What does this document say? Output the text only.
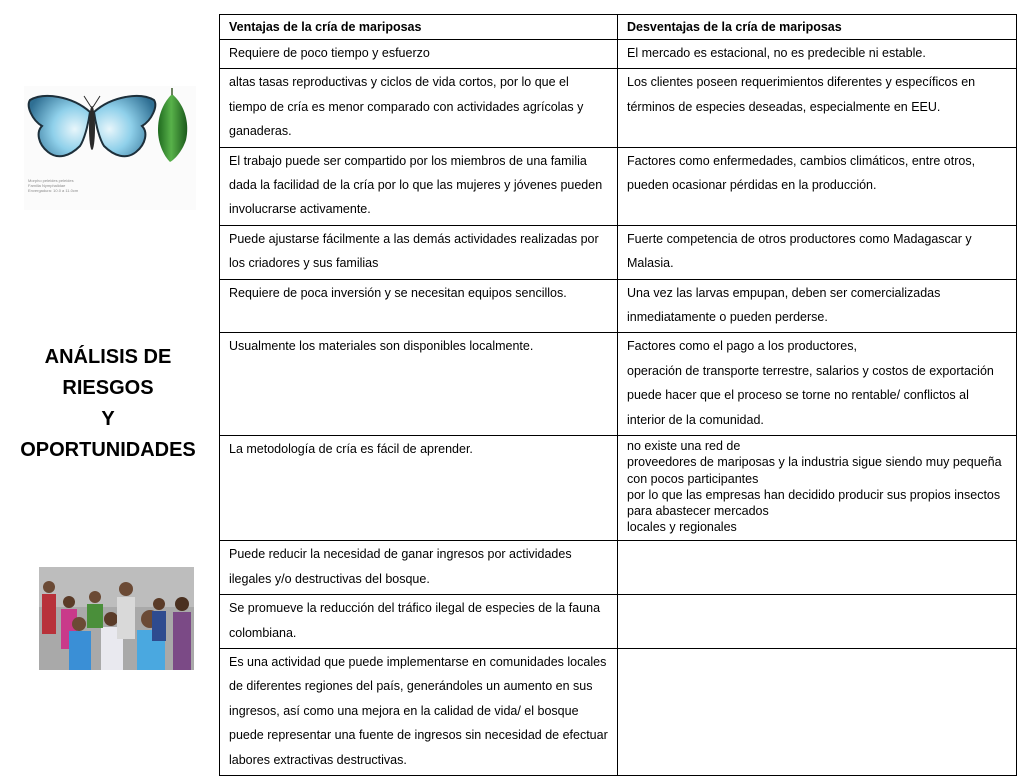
Morpho peleides peleides
Familia Nymphalidae
Envergadura: 10.0 a 11.0cm
ANÁLISIS DE
RIESGOS
Y
OPORTUNIDADES
Ventajas de la cría de mariposas	Desventajas de la cría de mariposas
Requiere de poco tiempo y esfuerzo	El mercado es estacional, no es predecible ni estable.
altas tasas reproductivas y ciclos de vida cortos, por lo que el tiempo de cría es menor comparado con actividades agrícolas y ganaderas.	Los clientes poseen requerimientos diferentes y específicos en términos de especies deseadas, especialmente en EEU.
El trabajo puede ser compartido por los miembros de una familia dada la facilidad de la cría por lo que las mujeres y jóvenes pueden involucrarse activamente.	Factores como enfermedades, cambios climáticos, entre otros, pueden ocasionar pérdidas en la producción.
Puede ajustarse fácilmente a las demás actividades realizadas por los criadores y sus familias	Fuerte competencia de otros productores como Madagascar y Malasia.
Requiere de poca inversión y se necesitan equipos sencillos.	Una vez las larvas empupan, deben ser comercializadas inmediatamente o pueden perderse.
Usualmente los materiales son disponibles localmente.	Factores como el pago a los productores,
operación de transporte terrestre, salarios y costos de exportación puede hacer que el proceso se torne no rentable/ conflictos al interior de la comunidad.
La metodología de cría es fácil de aprender.	no existe una red de
proveedores de mariposas y la industria sigue siendo muy pequeña con pocos participantes
por lo que las empresas han decidido producir sus propios insectos para abastecer mercados
locales y regionales

Puede reducir la necesidad de ganar ingresos por actividades ilegales y/o destructivas del bosque.	
Se promueve la reducción del tráfico ilegal de especies de la fauna colombiana.	
Es una actividad que puede implementarse en comunidades locales de diferentes regiones del país, generándoles un aumento en sus ingresos, así como una mejora en la calidad de vida/ el bosque puede representar una fuente de ingresos sin necesidad de efectuar labores extractivas destructivas.	
